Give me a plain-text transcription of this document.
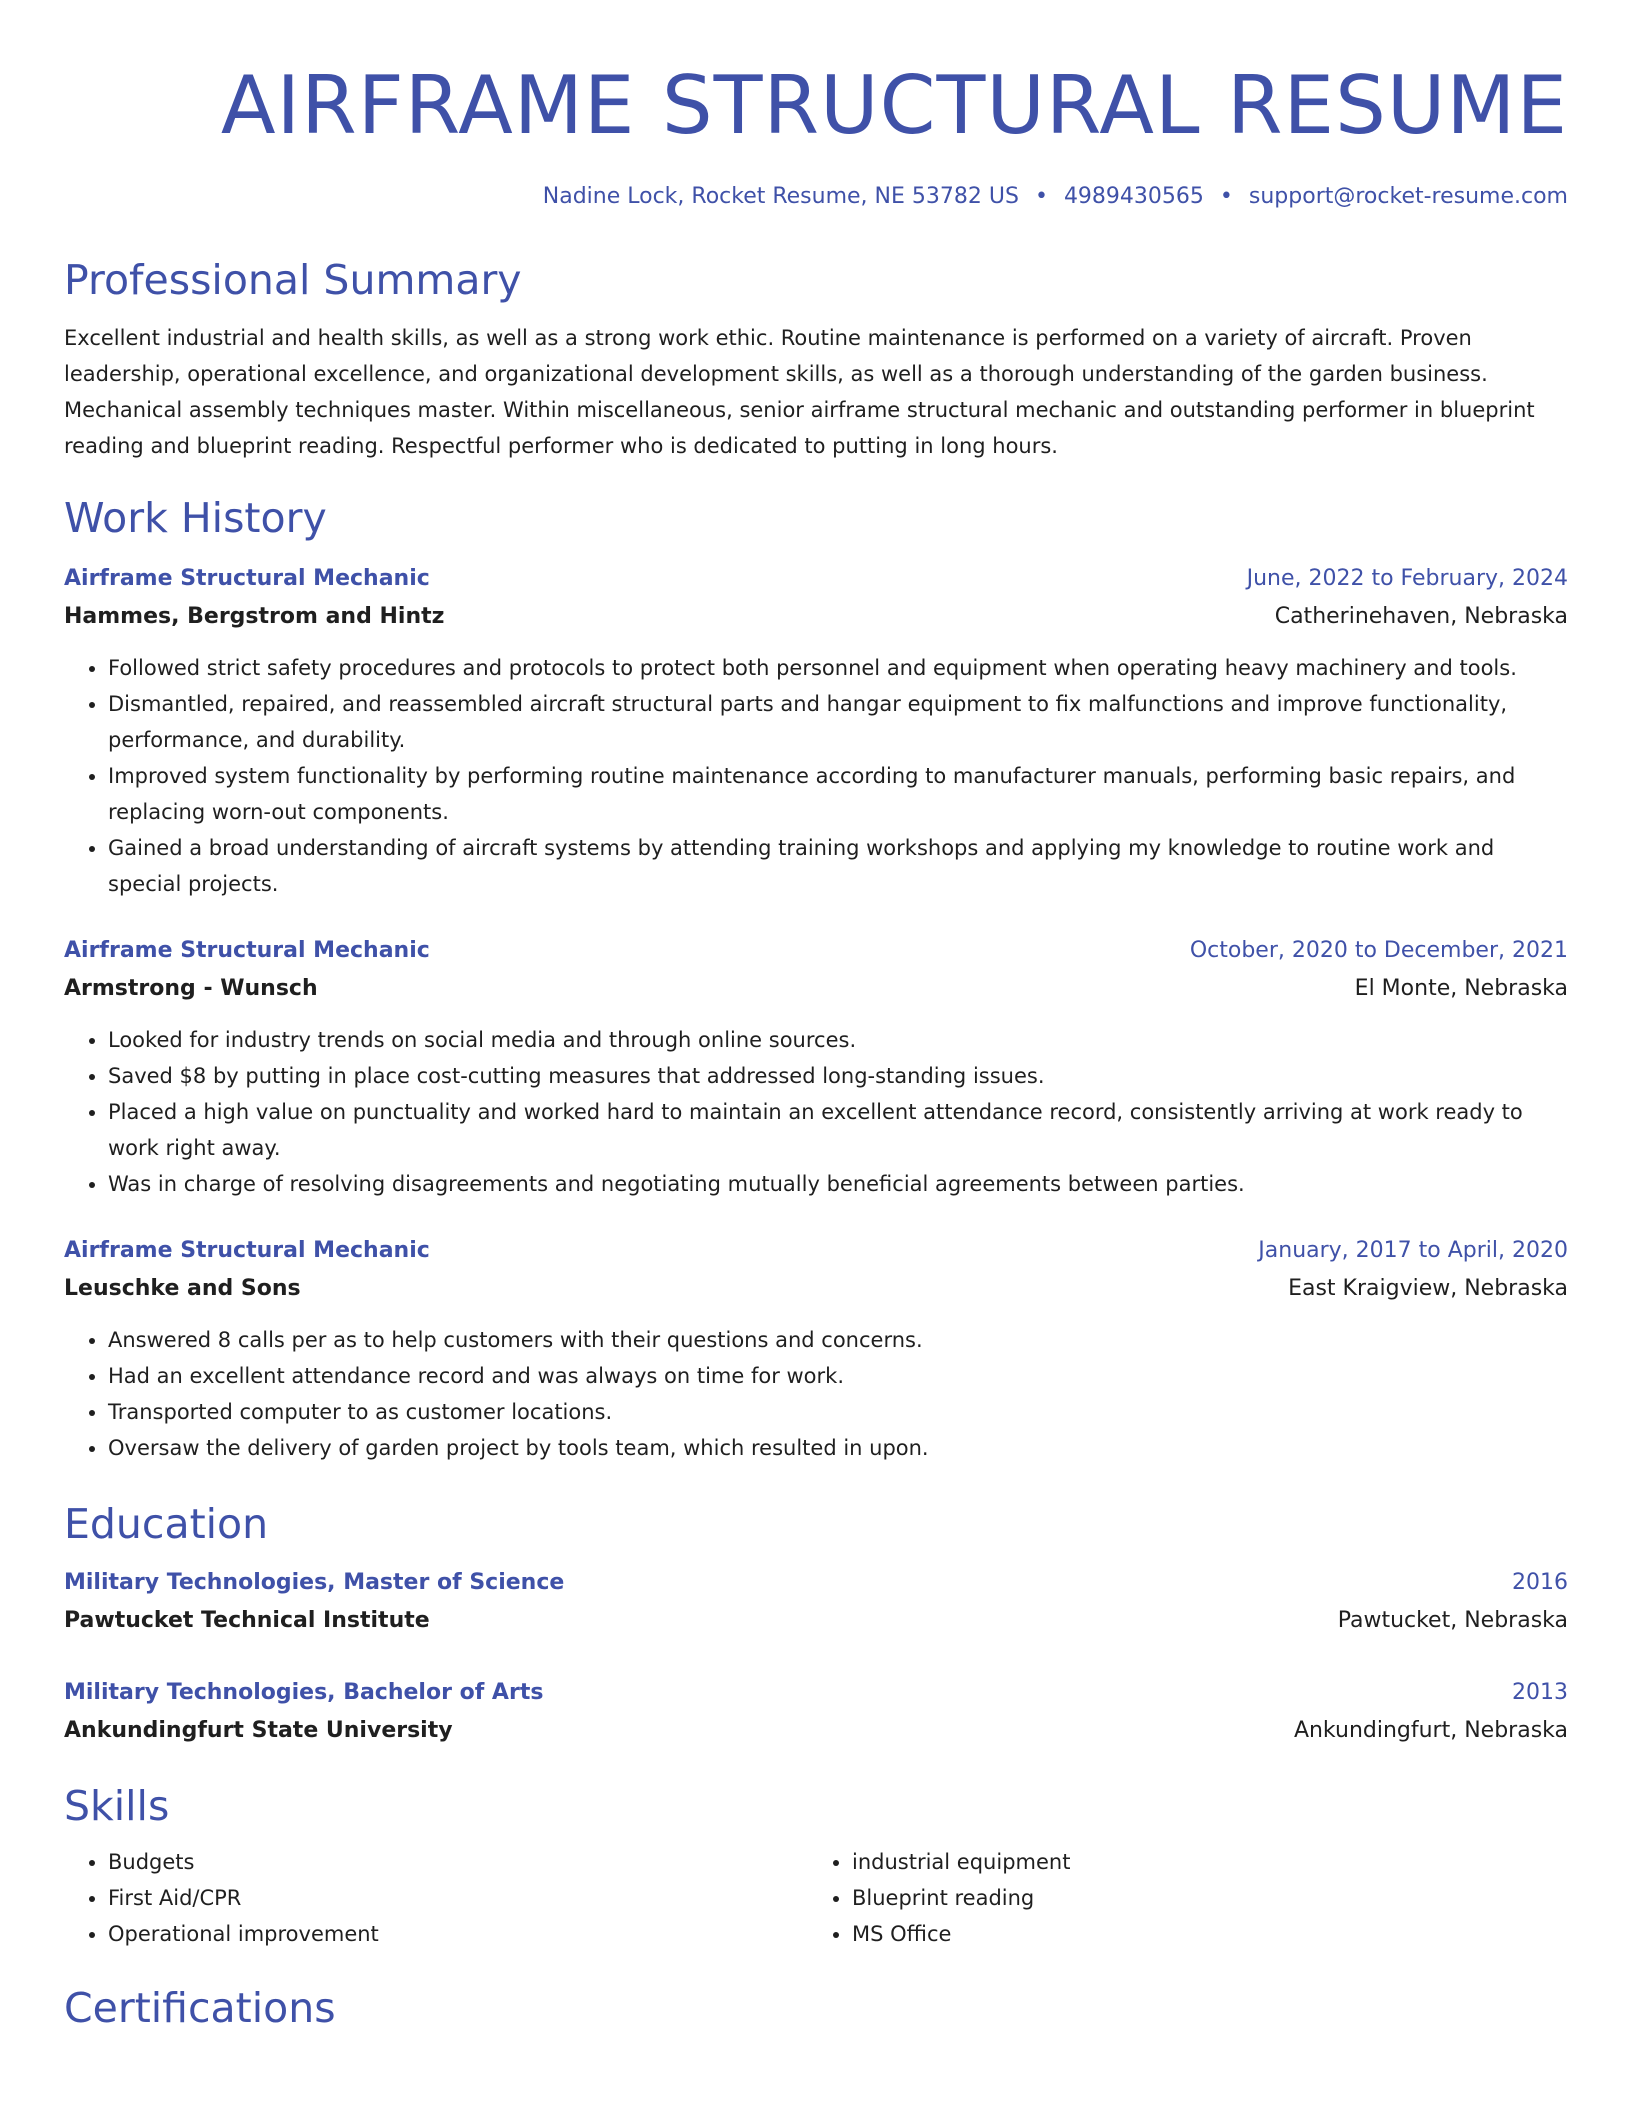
AIRFRAME STRUCTURAL RESUME
Nadine Lock, Rocket Resume, NE 53782 US • 4989430565 • support@rocket-resume.com
Professional Summary
Excellent industrial and health skills, as well as a strong work ethic. Routine maintenance is performed on a variety of aircraft. Proven leadership, operational excellence, and organizational development skills, as well as a thorough understanding of the garden business. Mechanical assembly techniques master. Within miscellaneous, senior airframe structural mechanic and outstanding performer in blueprint reading and blueprint reading. Respectful performer who is dedicated to putting in long hours.
Work History
Airframe Structural Mechanic	June, 2022 to February, 2024
Hammes, Bergstrom and Hintz	Catherinehaven, Nebraska
• Followed strict safety procedures and protocols to protect both personnel and equipment when operating heavy machinery and tools.
• Dismantled, repaired, and reassembled aircraft structural parts and hangar equipment to fix malfunctions and improve functionality, performance, and durability.
• Improved system functionality by performing routine maintenance according to manufacturer manuals, performing basic repairs, and replacing worn-out components.
• Gained a broad understanding of aircraft systems by attending training workshops and applying my knowledge to routine work and special projects.
Airframe Structural Mechanic	October, 2020 to December, 2021
Armstrong - Wunsch	El Monte, Nebraska
• Looked for industry trends on social media and through online sources.
• Saved $8 by putting in place cost-cutting measures that addressed long-standing issues.
• Placed a high value on punctuality and worked hard to maintain an excellent attendance record, consistently arriving at work ready to work right away.
• Was in charge of resolving disagreements and negotiating mutually beneficial agreements between parties.
Airframe Structural Mechanic	January, 2017 to April, 2020
Leuschke and Sons	East Kraigview, Nebraska
• Answered 8 calls per as to help customers with their questions and concerns.
• Had an excellent attendance record and was always on time for work.
• Transported computer to as customer locations.
• Oversaw the delivery of garden project by tools team, which resulted in upon.
Education
Military Technologies, Master of Science	2016
Pawtucket Technical Institute	Pawtucket, Nebraska
Military Technologies, Bachelor of Arts	2013
Ankundingfurt State University	Ankundingfurt, Nebraska
Skills
• Budgets
• First Aid/CPR
• Operational improvement
• industrial equipment
• Blueprint reading
• MS Office
Certifications
